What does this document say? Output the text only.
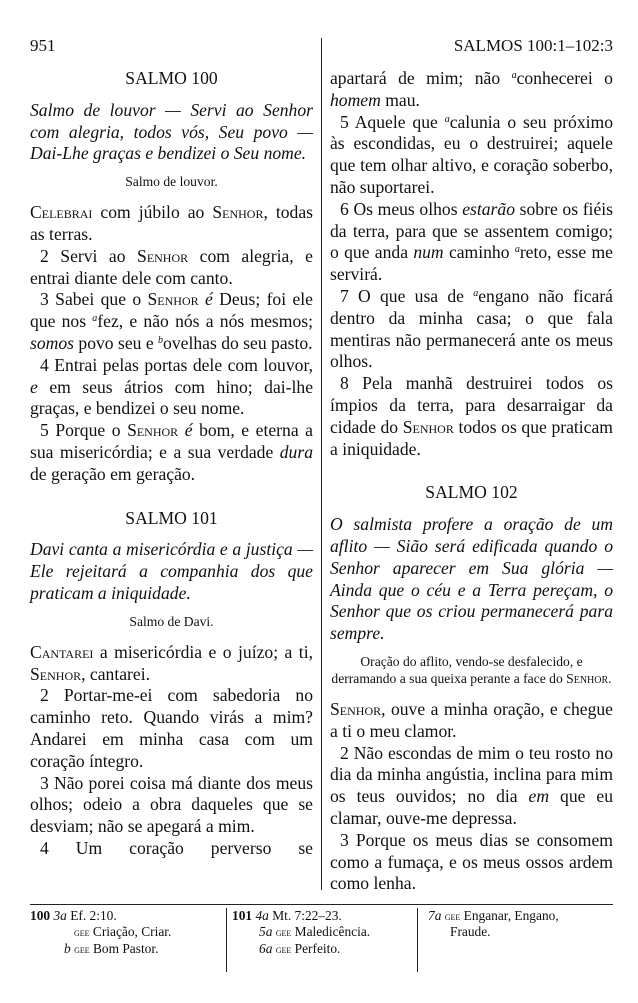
951	SALMOS 100:1–102:3

SALMO 100

Salmo de louvor — Servi ao Senhor com alegria, todos vós, Seu povo — Dai-Lhe graças e bendizei o Seu nome.

Salmo de louvor.

Celebrai com júbilo ao Senhor, todas as terras.

2 Servi ao Senhor com alegria, e entrai diante dele com canto.

3 Sabei que o Senhor é Deus; foi ele que nos $^a$fez, e não nós a nós mesmos; somos povo seu e $^b$ovelhas do seu pasto.

4 Entrai pelas portas dele com louvor, e em seus átrios com hino; dai-lhe graças, e bendizei o seu nome.

5 Porque o Senhor é bom, e eterna a sua misericórdia; e a sua verdade dura de geração em geração.

SALMO 101

Davi canta a misericórdia e a justiça — Ele rejeitará a companhia dos que praticam a iniquidade.

Salmo de Davi.

Cantarei a misericórdia e o juízo; a ti, Senhor, cantarei.

2 Portar-me-ei com sabedoria no caminho reto. Quando virás a mim? Andarei em minha casa com um coração íntegro.

3 Não porei coisa má diante dos meus olhos; odeio a obra daqueles que se desviam; não se apegará a mim.

4 Um coração perverso se

apartará de mim; não $^a$conhecerei o homem mau.

5 Aquele que $^a$calunia o seu próximo às escondidas, eu o destruirei; aquele que tem olhar altivo, e coração soberbo, não suportarei.

6 Os meus olhos estarão sobre os fiéis da terra, para que se assentem comigo; o que anda num caminho $^a$reto, esse me servirá.

7 O que usa de $^a$engano não ficará dentro da minha casa; o que fala mentiras não permanecerá ante os meus olhos.

8 Pela manhã destruirei todos os ímpios da terra, para desarraigar da cidade do Senhor todos os que praticam a iniquidade.

SALMO 102

O salmista profere a oração de um aflito — Sião será edificada quando o Senhor aparecer em Sua glória — Ainda que o céu e a Terra pereçam, o Senhor que os criou permanecerá para sempre.

Oração do aflito, vendo-se desfalecido, e derramando a sua queixa perante a face do Senhor.

Senhor, ouve a minha oração, e chegue a ti o meu clamor.

2 Não escondas de mim o teu rosto no dia da minha angústia, inclina para mim os teus ouvidos; no dia em que eu clamar, ouve-me depressa.

3 Porque os meus dias se consomem como a fumaça, e os meus ossos ardem como lenha.

100 3a Ef. 2:10.
gee Criação, Criar.
b gee Bom Pastor.
101 4a Mt. 7:22–23.
5a gee Maledicência.
6a gee Perfeito.
7a gee Enganar, Engano,
Fraude.
